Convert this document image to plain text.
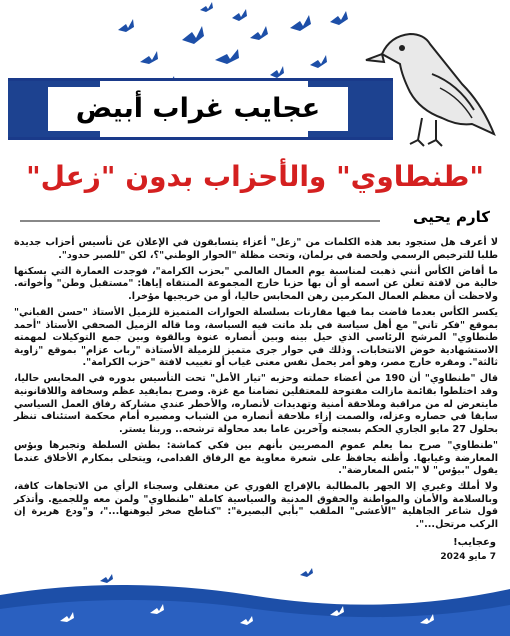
عجايب غراب أبيض
"طنطاوي" والأحزاب بدون "زعل"
كارم يحيى

لا أعرف هل ستجود بعد هذه الكلمات من "زعل" أعزاء يتسابقون في الإعلان عن تأسيس أحزاب جديدة طلبا للترخيص الرسمي ولحصة في برلمان، وتحت مظلة "الحوار الوطني"؟، لكن "للصبر حدود".

ما أفاض الكأس أنني ذهبت لمناسبة يوم العمال العالمي "بحزب الكرامة"، فوجدت العمارة التي يسكنها خالية من لافتة تعلن عن اسمه أو أن بها حزبا خارج المجموعة المنتقاه إياها: "مستقبل وطن" وأخواته. ولاحظت أن معظم العمال المكرمين رهن المحابس حاليا، أو من خريجيها مؤخرا.

يكسر الكأس بعدما فاضت بما فيها مقارنات بسلسلة الحوارات المتميزة للزميل الأستاذ "حسن القباني" بموقع "فكر تاني" مع أهل سياسة في بلد ماتت فيه السياسة، وما قاله الزميل الصحفي الأستاذ "أحمد طنطاوي" المرشح الرئاسي الذي حيل بينه وبين أنصاره عنوة وبالقوة وبين جمع التوكيلات لمهمته الاستشهادية خوض الانتخابات. وذلك في حوار جرى متميز للزميلة الأستاذة "رباب عزام" بموقع "زاوية ثالثة". ومقره خارج مصر، وهو أمر يحمل نفس معنى غياب أو تغييب لافتة "حزب الكرامة".

قال "طنطاوي" أن 190 من أعضاء حملته وحزبه "تيار الأمل" تحت التأسيس بدوره في المحابس حاليا، وقد اختلطوا بقائمة مازالت مفتوحة للمعتقلين تضامنا مع غزة. وصرح بمايفيد عظم وسخافة واللاقانونية مايتعرض له من مراقبة وملاحقة أمنية وتهديدات لأنصاره، والأخطر عندي مشاركة رفاق العمل السياسي سابقا في حصاره وعزله، والصمت إزاء ملاحقة أنصاره من الشباب ومصيره أمام محكمة استئناف تنظر بحلول 27 مايو الجاري الحكم بسجنه وآخرين عاما بعد محاولة ترشحه.. وربنا يستر.

"طنطاوي" صرح بما يعلم عموم المصريين بأنهم بين فكي كماشة: بطش السلطة وتجبرها وبؤس المعارضة وغيابها. وأظنه يحافظ على شعرة معاوية مع الرفاق القدامى، ويتحلى بمكارم الأخلاق عندما يقول "بيؤس" لا "بئس المعارضة".

ولا أملك وغيري إلا الجهر بالمطالبة بالإفراج الفوري عن معتقلي وسجناء الرأي من الاتجاهات كافة، وبالسلامة والأمان والمواطنة والحقوق المدنية والسياسية كاملة "طنطاوي" ولمن معه وللجميع. وأتذكر قول شاعر الجاهلية "الأعشى" الملقب "بأبي البصيرة": "كناطح صخر ليوهنها..."، و"ودع هريرة إن الركب مرتحل...".

وعجايب!
7 مايو 2024
